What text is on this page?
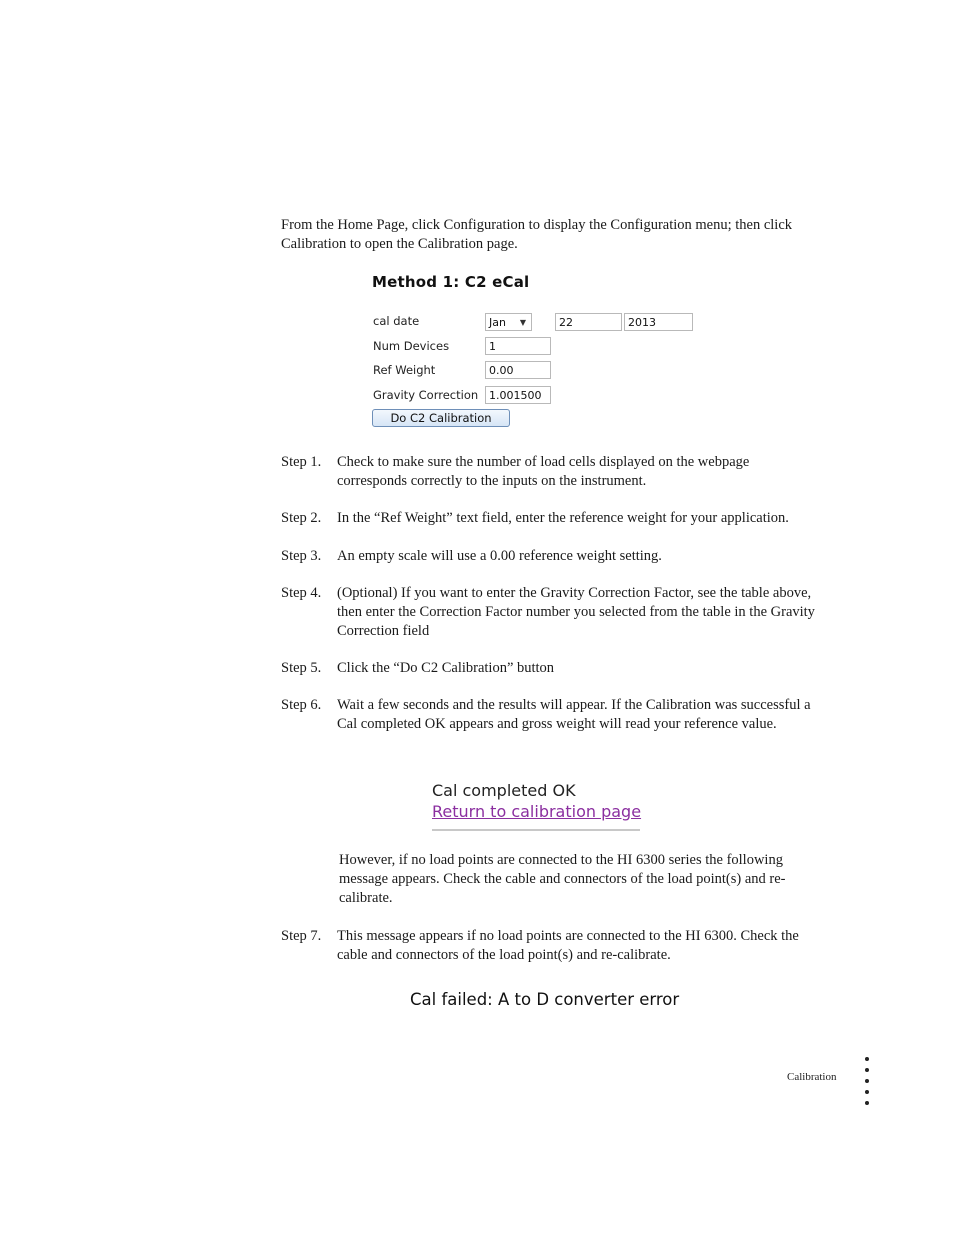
From the Home Page, click Configuration to display the Configuration menu; then click Calibration to open the Calibration page.
Method 1: C2 eCal
cal date	Jan ▼	22	2013
Num Devices	1
Ref Weight	0.00
Gravity Correction 1.001500
Do C2 Calibration
Step 1.	Check to make sure the number of load cells displayed on the webpage corresponds correctly to the inputs on the instrument.
Step 2.	In the “Ref Weight” text field, enter the reference weight for your application.
Step 3.	An empty scale will use a 0.00 reference weight setting.
Step 4.	(Optional) If you want to enter the Gravity Correction Factor, see the table above, then enter the Correction Factor number you selected from the table in the Gravity Correction field
Step 5.	Click the “Do C2 Calibration” button
Step 6.	Wait a few seconds and the results will appear. If the Calibration was successful a Cal completed OK appears and gross weight will read your reference value.
Cal completed OK
Return to calibration page
However, if no load points are connected to the HI 6300 series the following message appears. Check the cable and connectors of the load point(s) and re-calibrate.
Step 7.	This message appears if no load points are connected to the HI 6300. Check the cable and connectors of the load point(s) and re-calibrate.
Cal failed: A to D converter error
Calibration
